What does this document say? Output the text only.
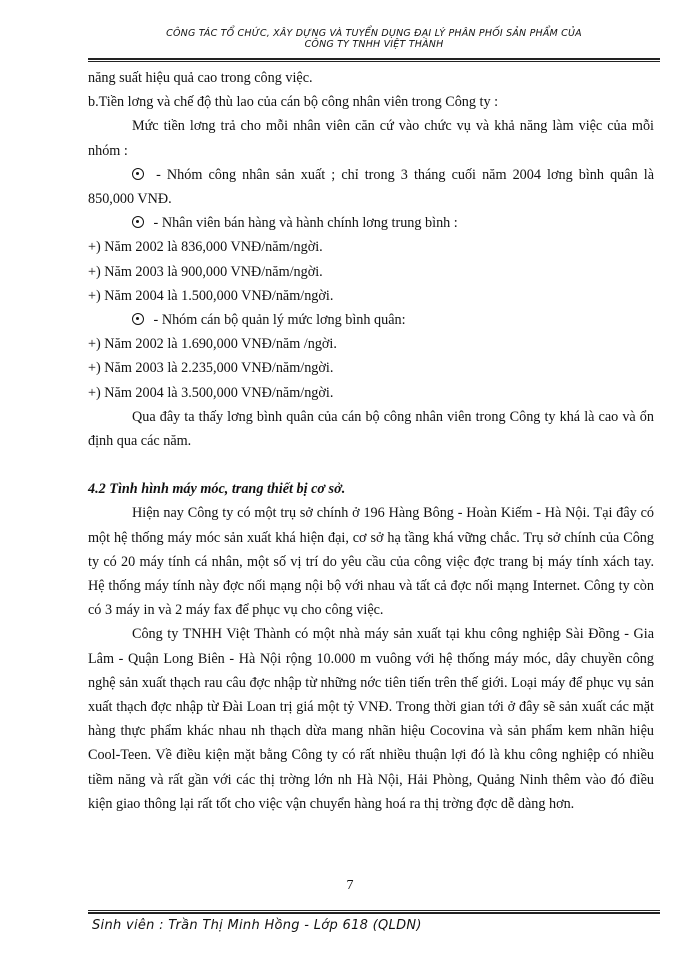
CÔNG TÁC TỔ CHỨC, XÂY DỰNG VÀ TUYỂN DỤNG ĐẠI LÝ PHÂN PHỐI SẢN PHẨM CỦA
CÔNG TY TNHH VIỆT THÀNH

năng suất hiệu quả cao trong công việc.

b.Tiền lơng và chế độ thù lao của cán bộ công nhân viên trong Công ty :

Mức tiền lơng trả cho mỗi nhân viên căn cứ vào chức vụ và khả năng làm việc của mỗi nhóm :

- Nhóm công nhân sản xuất ; chỉ trong 3 tháng cuối năm 2004 lơng bình quân là 850,000 VNĐ.

- Nhân viên bán hàng và hành chính lơng trung bình :

+) Năm 2002 là 836,000 VNĐ/năm/ngời.

+) Năm 2003 là 900,000 VNĐ/năm/ngời.

+) Năm 2004 là 1.500,000 VNĐ/năm/ngời.

- Nhóm cán bộ quản lý mức lơng bình quân:

+) Năm 2002 là 1.690,000 VNĐ/năm /ngời.

+) Năm 2003 là 2.235,000 VNĐ/năm/ngời.

+) Năm 2004 là 3.500,000 VNĐ/năm/ngời.

Qua đây ta thấy lơng bình quân của cán bộ công nhân viên trong Công ty khá là cao và ổn định qua các năm.

4.2 Tình hình máy móc, trang thiết bị cơ sở.

Hiện nay Công ty có một trụ sở chính ở 196 Hàng Bông - Hoàn Kiếm - Hà Nội. Tại đây có một hệ thống máy móc sản xuất khá hiện đại, cơ sở hạ tầng khá vững chắc. Trụ sở chính của Công ty có 20 máy tính cá nhân, một số vị trí do yêu cầu của công việc đợc trang bị máy tính xách tay. Hệ thống máy tính này đợc nối mạng nội bộ với nhau và tất cả đợc nối mạng Internet. Công ty còn có 3 máy in và 2 máy fax để phục vụ cho công việc.

Công ty TNHH Việt Thành có một nhà máy sản xuất tại khu công nghiệp Sài Đồng - Gia Lâm - Quận Long Biên - Hà Nội rộng 10.000 m vuông với hệ thống máy móc, dây chuyền công nghệ sản xuất thạch rau câu đợc nhập từ những nớc tiên tiến trên thế giới. Loại máy để phục vụ sản xuất thạch đợc nhập từ Đài Loan trị giá một tỷ VNĐ. Trong thời gian tới ở đây sẽ sản xuất các mặt hàng thực phẩm khác nhau nh thạch dừa mang nhãn hiệu Cocovina và sản phẩm kem nhãn hiệu Cool-Teen. Về điều kiện mặt bằng Công ty có rất nhiều thuận lợi đó là khu công nghiệp có nhiều tiềm năng và rất gần với các thị trờng lớn nh Hà Nội, Hải Phòng, Quảng Ninh thêm vào đó điều kiện giao thông lại rất tốt cho việc vận chuyển hàng hoá ra thị trờng đợc dễ dàng hơn.

7
Sinh viên : Trần Thị Minh Hồng - Lớp 618 (QLDN)
